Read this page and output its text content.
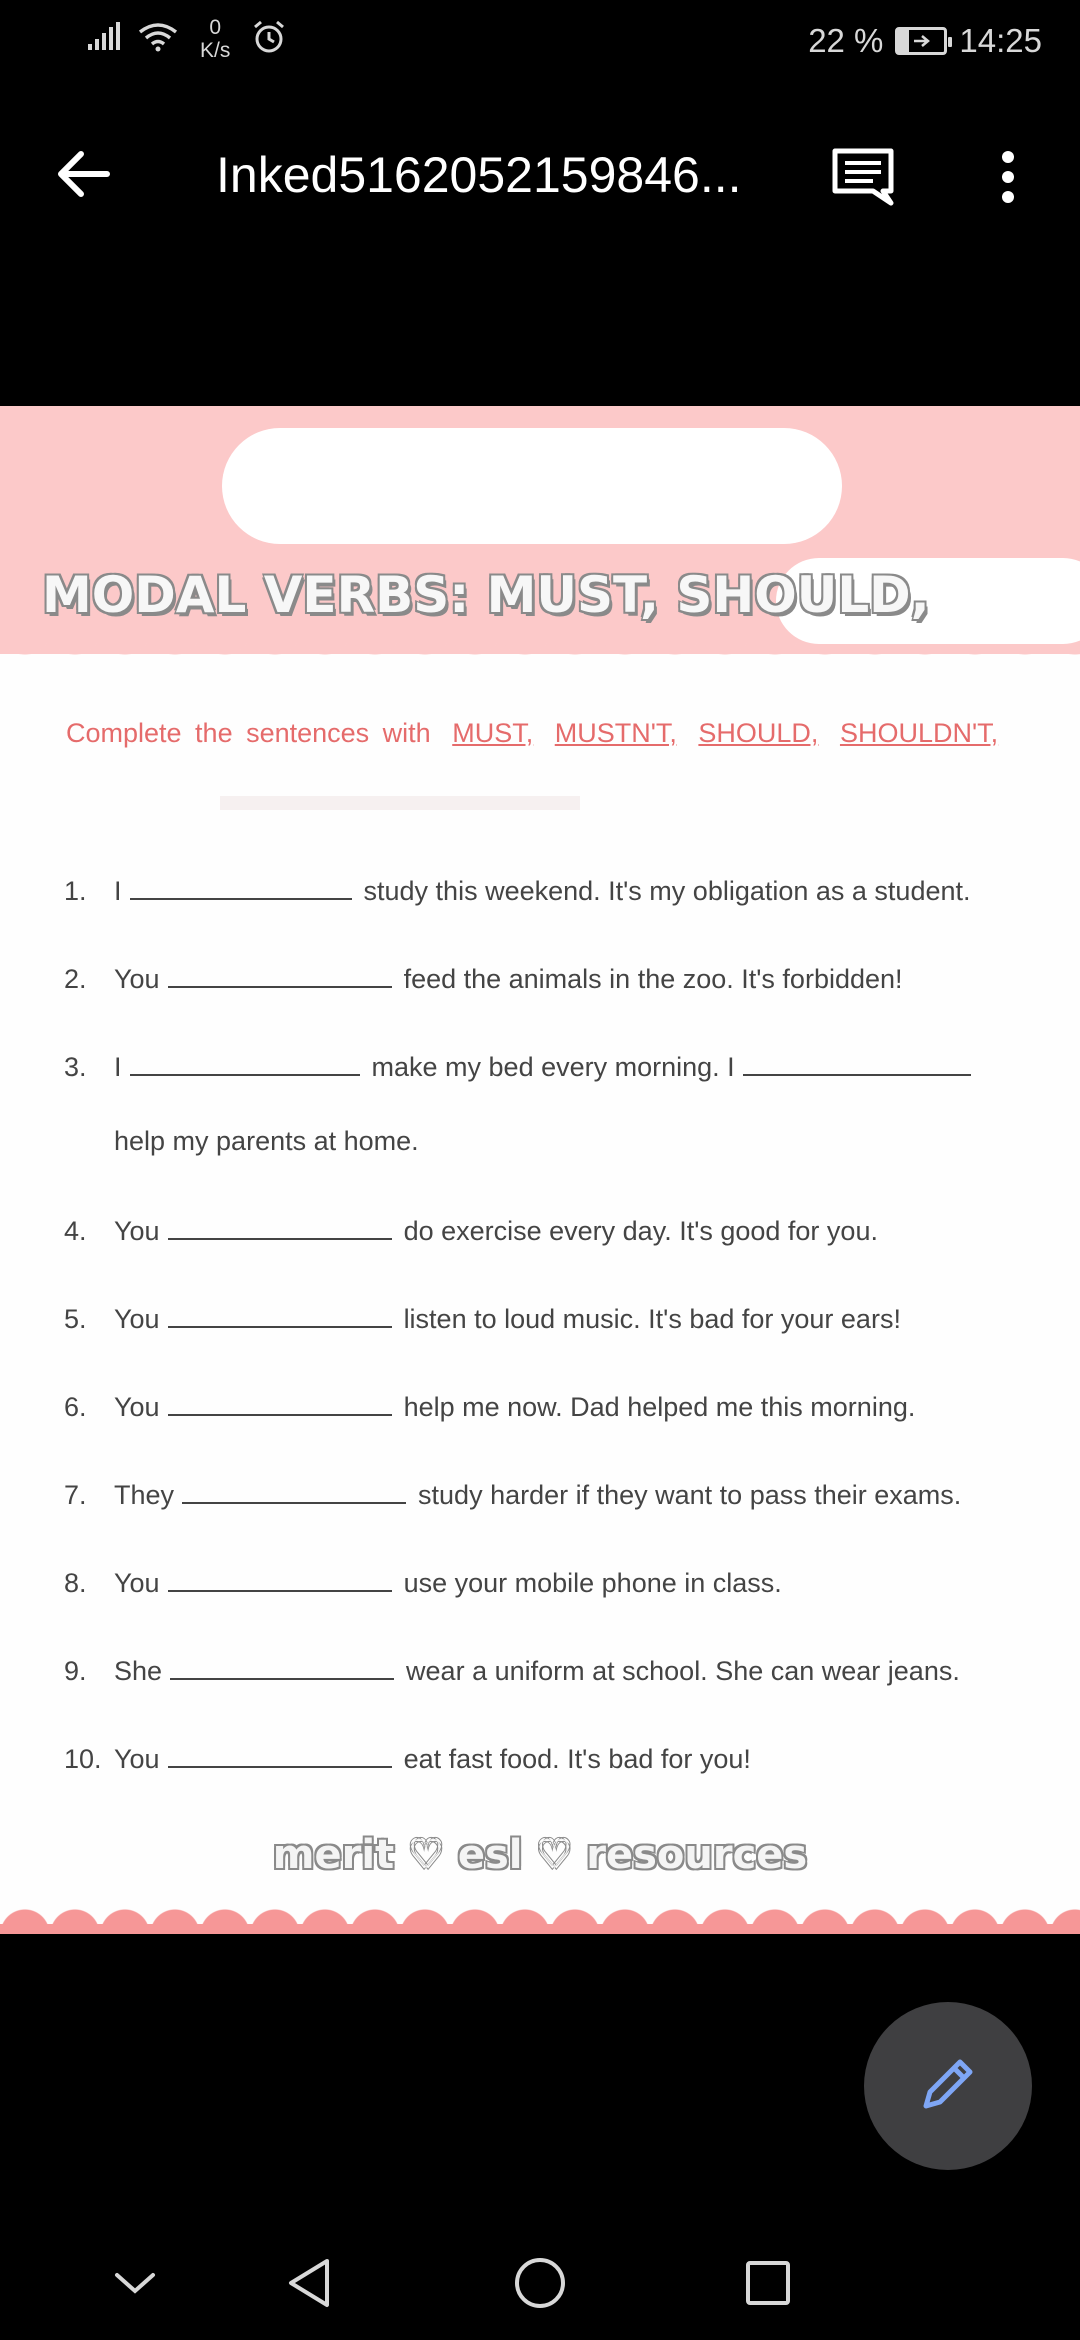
0
K/s	22 % 14:25
Inked5162052159846...
MODAL VERBS: MUST, SHOULD,
Complete the sentences with MUST, MUSTN'T, SHOULD, SHOULDN'T,
1.	I	study this weekend. It's my obligation as a student.
2.	You	feed the animals in the zoo. It's forbidden!
3.	I	make my bed every morning. I
help my parents at home.
4.	You	do exercise every day. It's good for you.
5.	You	listen to loud music. It's bad for your ears!
6.	You	help me now. Dad helped me this morning.
7.	They	study harder if they want to pass their exams.
8.	You	use your mobile phone in class.
9.	She	wear a uniform at school. She can wear jeans.
10. You	eat fast food. It's bad for you!
merit ♡ esl ♡ resources
